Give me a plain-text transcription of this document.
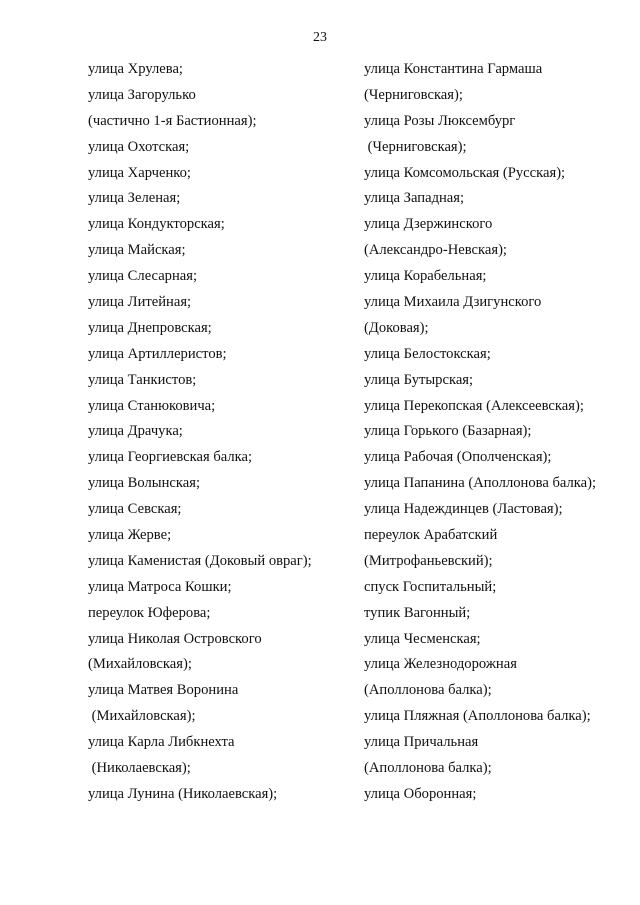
23
улица Хрулева;
улица Загорулько
(частично 1-я Бастионная);
улица Охотская;
улица Харченко;
улица Зеленая;
улица Кондукторская;
улица Майская;
улица Слесарная;
улица Литейная;
улица Днепровская;
улица Артиллеристов;
улица Танкистов;
улица Станюковича;
улица Драчука;
улица Георгиевская балка;
улица Волынская;
улица Севская;
улица Жерве;
улица Каменистая (Доковый овраг);
улица Матроса Кошки;
переулок Юферова;
улица Николая Островского
(Михайловская);
улица Матвея Воронина
(Михайловская);
улица Карла Либкнехта
(Николаевская);
улица Лунина (Николаевская);
улица Константина Гармаша
(Черниговская);
улица Розы Люксембург
(Черниговская);
улица Комсомольская (Русская);
улица Западная;
улица Дзержинского
(Александро-Невская);
улица Корабельная;
улица Михаила Дзигунского
(Доковая);
улица Белостокская;
улица Бутырская;
улица Перекопская (Алексеевская);
улица Горького (Базарная);
улица Рабочая (Ополченская);
улица Папанина (Аполлонова балка);
улица Надеждинцев (Ластовая);
переулок Арабатский
(Митрофаньевский);
спуск Госпитальный;
тупик Вагонный;
улица Чесменская;
улица Железнодорожная
(Аполлонова балка);
улица Пляжная (Аполлонова балка);
улица Причальная
(Аполлонова балка);
улица Оборонная;
